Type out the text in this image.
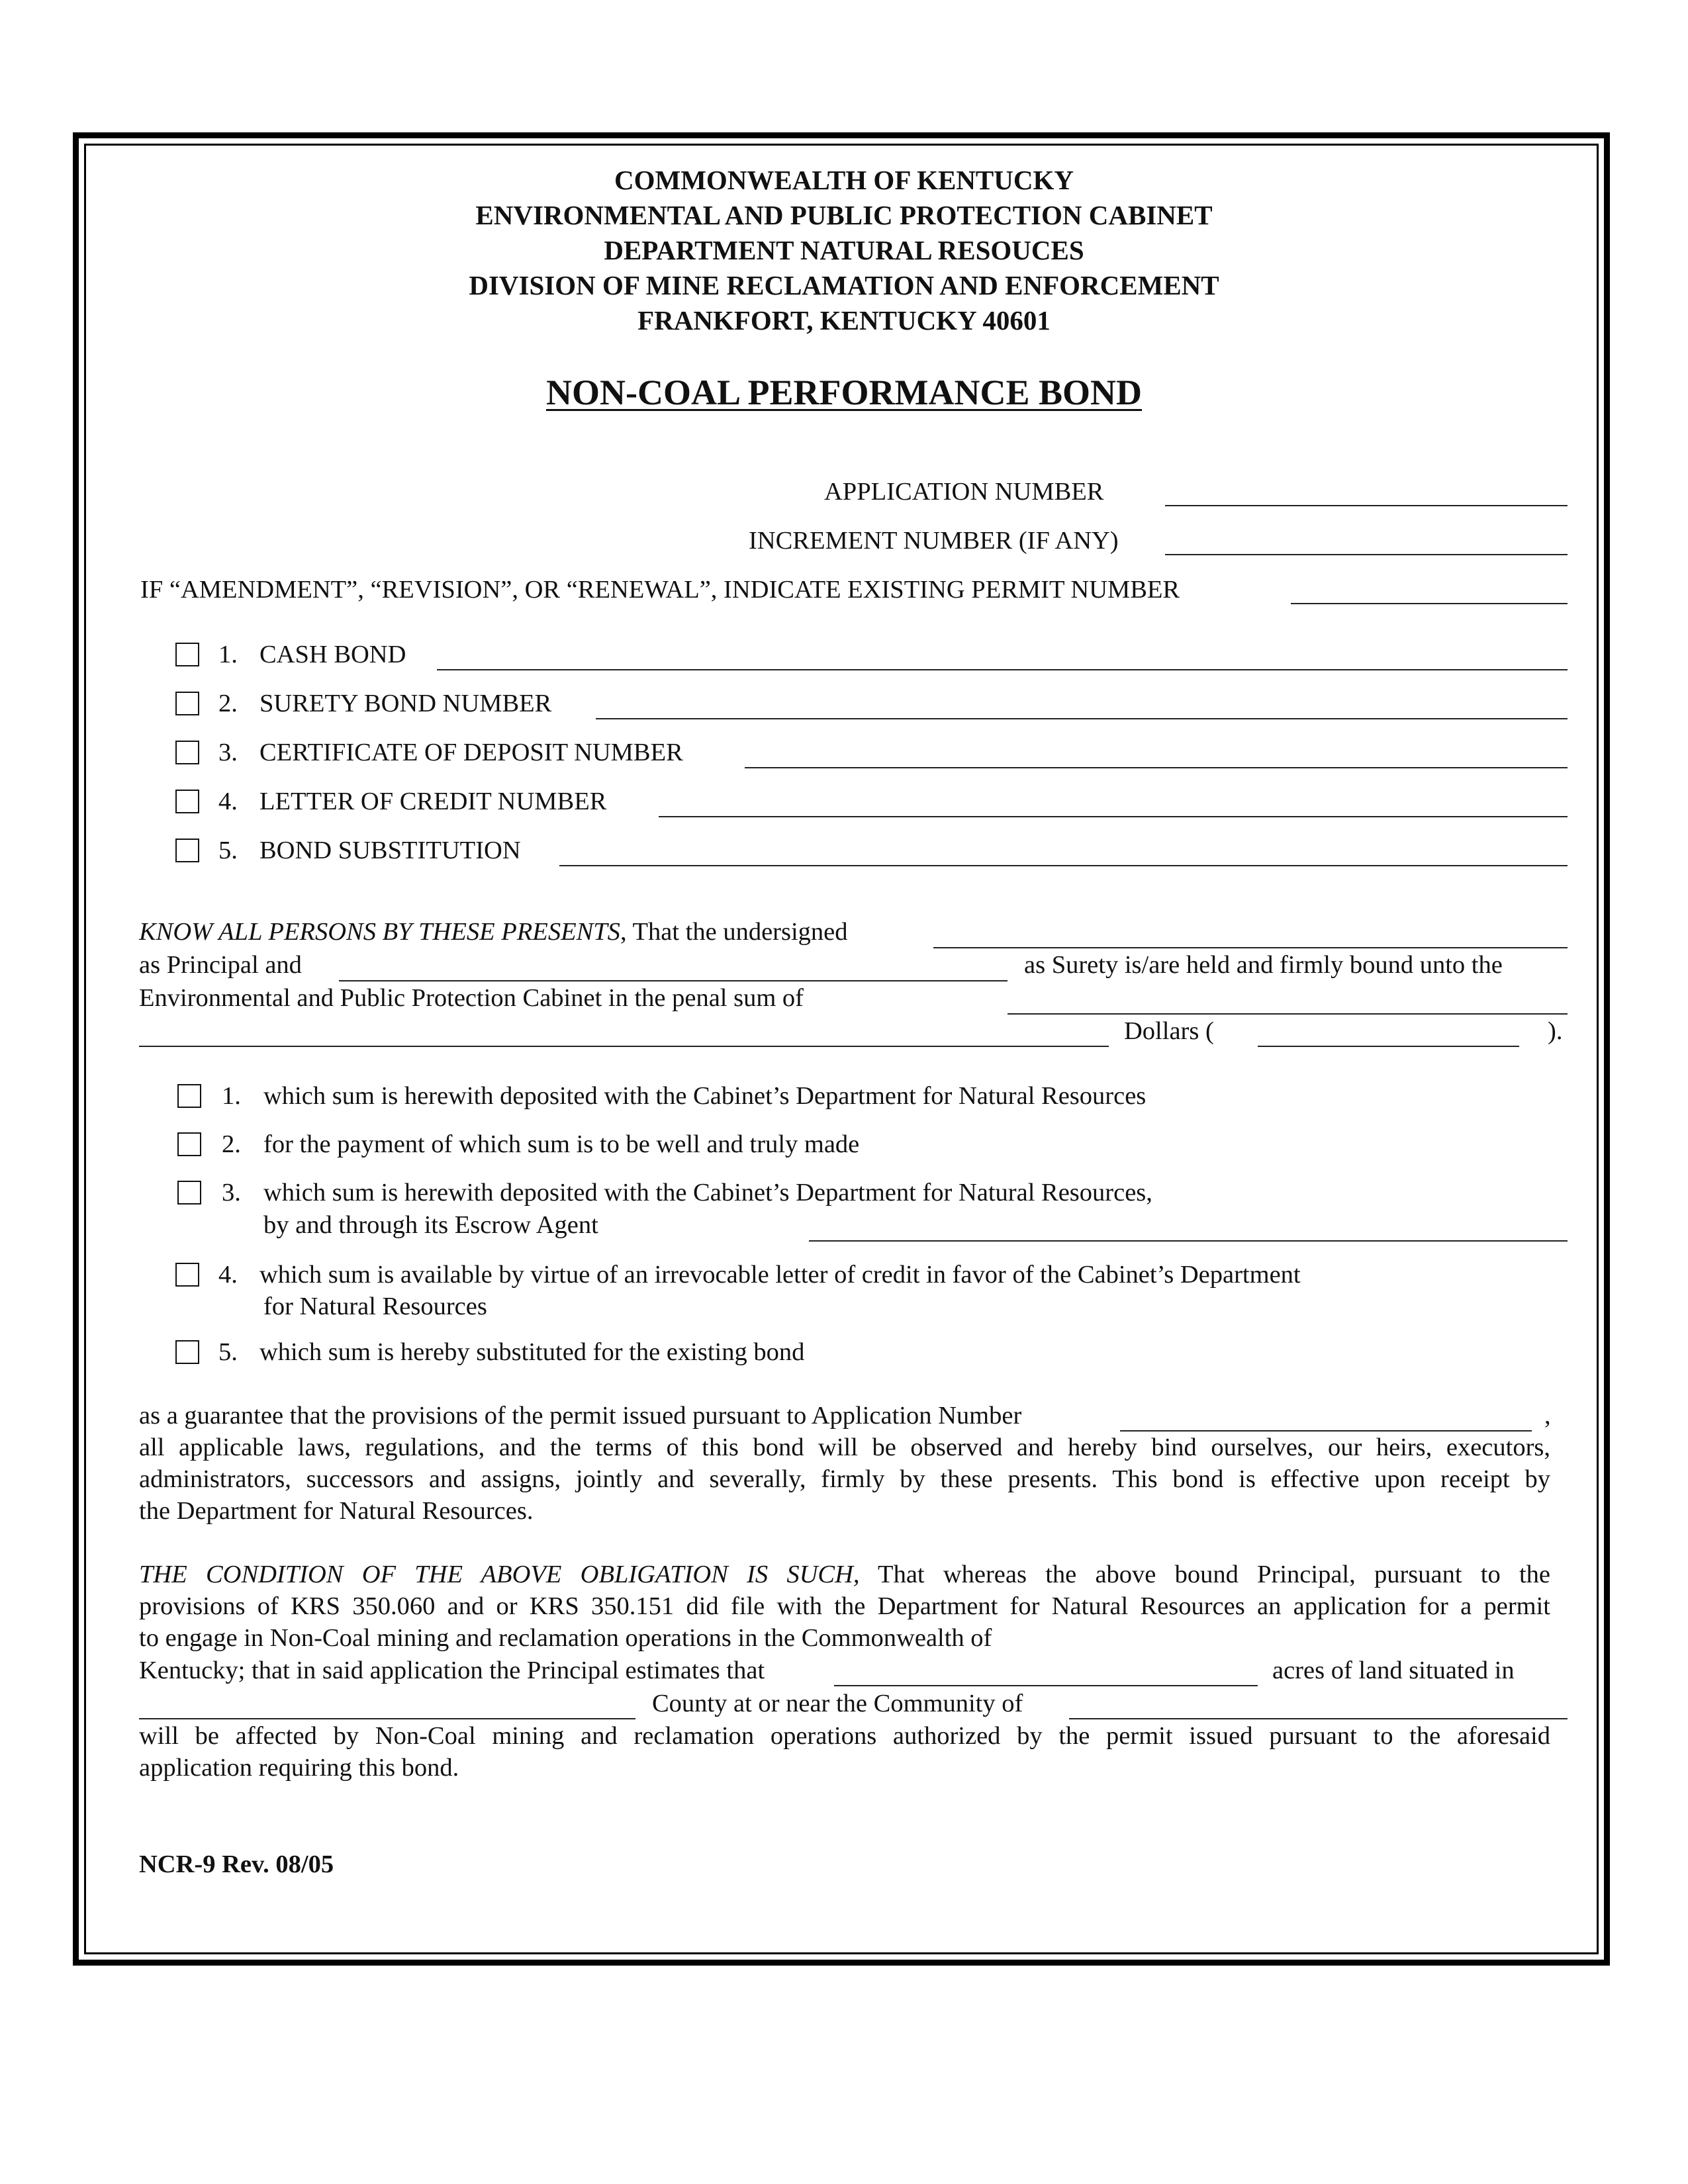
COMMONWEALTH OF KENTUCKY
ENVIRONMENTAL AND PUBLIC PROTECTION CABINET
DEPARTMENT NATURAL RESOUCES
DIVISION OF MINE RECLAMATION AND ENFORCEMENT
FRANKFORT, KENTUCKY 40601
NON-COAL PERFORMANCE BOND
APPLICATION NUMBER
INCREMENT NUMBER (IF ANY)
IF “AMENDMENT”, “REVISION”, OR “RENEWAL”, INDICATE EXISTING PERMIT NUMBER
1. CASH BOND
2. SURETY BOND NUMBER
3. CERTIFICATE OF DEPOSIT NUMBER
4. LETTER OF CREDIT NUMBER
5. BOND SUBSTITUTION
KNOW ALL PERSONS BY THESE PRESENTS, That the undersigned
as Principal and	as Surety is/are held and firmly bound unto the
Environmental and Public Protection Cabinet in the penal sum of
Dollars (	).
1. which sum is herewith deposited with the Cabinet’s Department for Natural Resources
2. for the payment of which sum is to be well and truly made
3. which sum is herewith deposited with the Cabinet’s Department for Natural Resources,
by and through its Escrow Agent
4. which sum is available by virtue of an irrevocable letter of credit in favor of the Cabinet’s Department
for Natural Resources
5. which sum is hereby substituted for the existing bond
as a guarantee that the provisions of the permit issued pursuant to Application Number	,
all applicable laws, regulations, and the terms of this bond will be observed and hereby bind ourselves, our heirs, executors,
administrators, successors and assigns, jointly and severally, firmly by these presents. This bond is effective upon receipt by
the Department for Natural Resources.
THE CONDITION OF THE ABOVE OBLIGATION IS SUCH, That whereas the above bound Principal, pursuant to the
provisions of KRS 350.060 and or KRS 350.151 did file with the Department for Natural Resources an application for a permit
to engage in Non-Coal mining and reclamation operations in the Commonwealth of
Kentucky; that in said application the Principal estimates that	acres of land situated in
County at or near the Community of
will be affected by Non-Coal mining and reclamation operations authorized by the permit issued pursuant to the aforesaid
application requiring this bond.
NCR-9 Rev. 08/05
